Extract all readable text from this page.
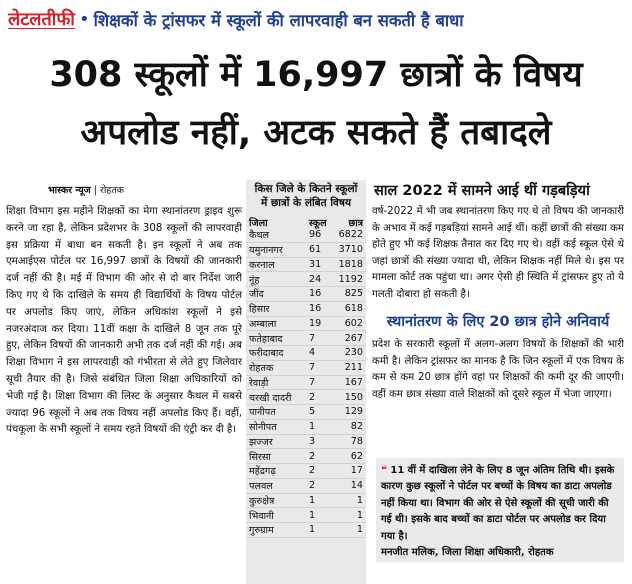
लेटलतीफी • शिक्षकों के ट्रांसफर में स्कूलों की लापरवाही बन सकती है बाधा
308 स्कूलों में 16,997 छात्रों के विषय
अपलोड नहीं, अटक सकते हैं तबादले
भास्कर न्यूज | रोहतक

शिक्षा विभाग इस महीने शिक्षकों का मेगा स्थानांतरण ड्राइव शुरू करने जा रहा है, लेकिन प्रदेशभर के 308 स्कूलों की लापरवाही इस प्रक्रिया में बाधा बन सकती है। इन स्कूलों ने अब तक एमआईएस पोर्टल पर 16,997 छात्रों के विषयों की जानकारी दर्ज नहीं की है। मई में विभाग की ओर से दो बार निर्देश जारी किए गए थे कि दाखिले के समय ही विद्यार्थियों के विषय पोर्टल पर अपलोड किए जाएं, लेकिन अधिकांश स्कूलों ने इसे नजरअंदाज कर दिया। 11वीं कक्षा के दाखिले 8 जून तक पूरे हुए, लेकिन विषयों की जानकारी अभी तक दर्ज नहीं की गई। अब शिक्षा विभाग ने इस लापरवाही को गंभीरता से लेते हुए जिलेवार सूची तैयार की है। जिसे संबंधित जिला शिक्षा अधिकारियों को भेजी गई है। शिक्षा विभाग की लिस्ट के अनुसार कैथल में सबसे ज्यादा 96 स्कूलों ने अब तक विषय नहीं अपलोड किए हैं। वहीं, पंचकूला के सभी स्कूलों ने समय रहते विषयों की एंट्री कर दी है।

किस जिले के कितने स्कूलों में छात्रों के लंबित विषय
जिला	स्कूल	छात्र
कैथल	96	6822
यमुनानगर	61	3710
करनाल	31	1818
नूंह	24	1192
जींद	16	825
हिसार	16	618
अम्बाला	19	602
फतेहाबाद	7	267
फरीदाबाद	4	230
रोहतक	7	211
रेवाड़ी	7	167
चरखी दादरी	2	150
पानीपत	5	129
सोनीपत	1	82
झज्जर	3	78
सिरसा	2	62
महेंद्रगढ़	2	17
पलवल	2	14
कुरुक्षेत्र	1	1
भिवानी	1	1
गुरुग्राम	1	1
साल 2022 में सामने आई थीं गड़बड़ियां

वर्ष-2022 में भी जब स्थानांतरण किए गए थे तो विषय की जानकारी के अभाव में कई गड़बड़ियां सामने आई थीं। कहीं छात्रों की संख्या कम होते हुए भी कई शिक्षक तैनात कर दिए गए थे। वहीं कई स्कूल ऐसे थे जहां छात्रों की संख्या ज्यादा थी, लेकिन शिक्षक नहीं मिले थे। इस पर मामला कोर्ट तक पहुंचा था। अगर ऐसी ही स्थिति में ट्रांसफर हुए तो ये गलती दोबारा हो सकती है।

स्थानांतरण के लिए 20 छात्र होने अनिवार्य

प्रदेश के सरकारी स्कूलों में अलग-अलग विषयों के शिक्षकों की भारी कमी है। लेकिन ट्रांसफर का मानक है कि जिन स्कूलों में एक विषय के कम से कम 20 छात्र होंगे वहां पर शिक्षकों की कमी दूर की जाएगी। वहीं कम छात्र संख्या वाले शिक्षकों को दूसरे स्कूल में भेजा जाएगा।

❝ 11 वीं में दाखिला लेने के लिए 8 जून अंतिम तिथि थी। इसके कारण कुछ स्कूलों ने पोर्टल पर बच्चों के विषय का डाटा अपलोड नहीं किया था। विभाग की ओर से ऐसे स्कूलों की सूची जारी की गई थी। इसके बाद बच्चों का डाटा पोर्टल पर अपलोड कर दिया गया है।
मनजीत मलिक, जिला शिक्षा अधिकारी, रोहतक
